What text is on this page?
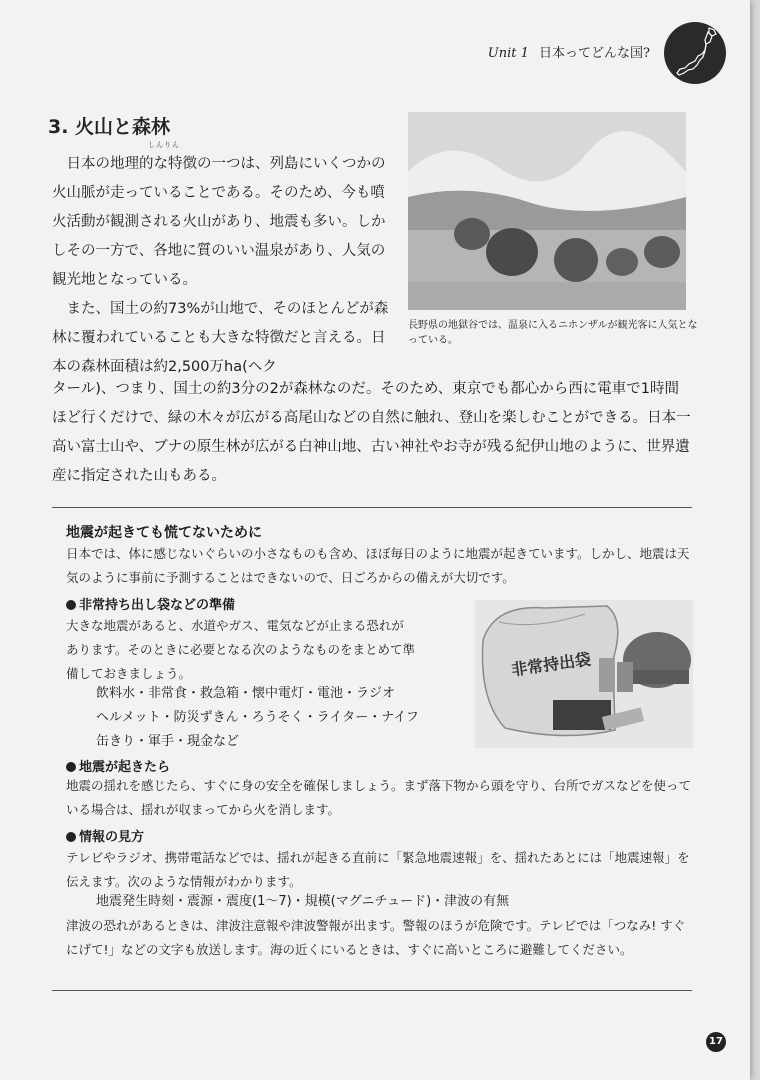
Unit 1 日本ってどんな国?
3. 火山と森林
しんりん

日本の地理的な特徴の一つは、列島にいくつかの火山脈が走っていることである。そのため、今も噴火活動が観測される火山があり、地震も多い。しかしその一方で、各地に質のいい温泉があり、人気の観光地となっている。

また、国土の約73%が山地で、そのほとんどが森林に覆われていることも大きな特徴だと言える。日本の森林面積は約2,500万ha(ヘク

長野県の地獄谷では、温泉に入るニホンザルが観光客に人気となっている。

タール)、つまり、国土の約3分の2が森林なのだ。そのため、東京でも都心から西に電車で1時間ほど行くだけで、緑の木々が広がる高尾山などの自然に触れ、登山を楽しむことができる。日本一高い富士山や、ブナの原生林が広がる白神山地、古い神社やお寺が残る紀伊山地のように、世界遺産に指定された山もある。

地震が起きても慌てないために

日本では、体に感じないぐらいの小さなものも含め、ほぼ毎日のように地震が起きています。しかし、地震は天気のように事前に予測することはできないので、日ごろからの備えが大切です。

非常持ち出し袋などの準備

大きな地震があると、水道やガス、電気などが止まる恐れがあります。そのときに必要となる次のようなものをまとめて準備しておきましょう。

飲料水・非常食・救急箱・懐中電灯・電池・ラジオ
ヘルメット・防災ずきん・ろうそく・ライター・ナイフ
缶きり・軍手・現金など
非常持出袋
地震が起きたら

地震の揺れを感じたら、すぐに身の安全を確保しましょう。まず落下物から頭を守り、台所でガスなどを使っている場合は、揺れが収まってから火を消します。

情報の見方

テレビやラジオ、携帯電話などでは、揺れが起きる直前に「緊急地震速報」を、揺れたあとには「地震速報」を伝えます。次のような情報がわかります。

地震発生時刻・震源・震度(1〜7)・規模(マグニチュード)・津波の有無

津波の恐れがあるときは、津波注意報や津波警報が出ます。警報のほうが危険です。テレビでは「つなみ! すぐにげて!」などの文字も放送します。海の近くにいるときは、すぐに高いところに避難してください。

17
